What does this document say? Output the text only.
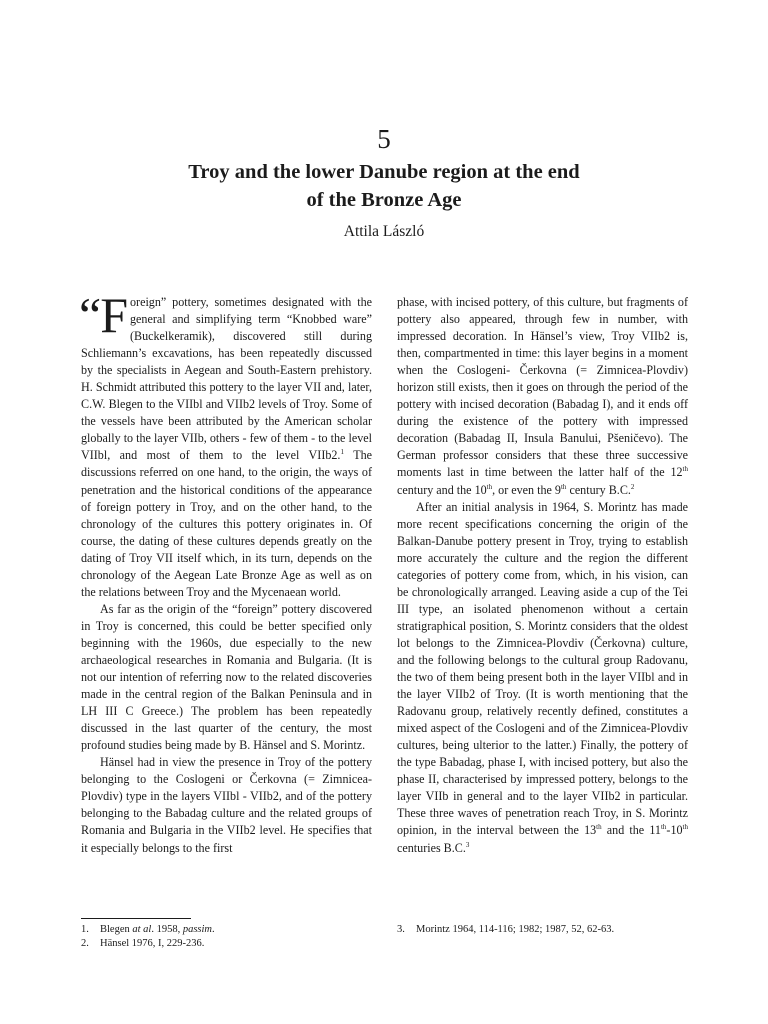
5
Troy and the lower Danube region at the end
of the Bronze Age
Attila László

“Foreign” pottery, sometimes designated with the general and simplifying term “Knobbed ware” (Buckelkeramik), discovered still during Schliemann’s excavations, has been repeatedly discussed by the specialists in Aegean and South-Eastern prehistory. H. Schmidt attributed this pottery to the layer VII and, later, C.W. Blegen to the VIIbl and VIIb2 levels of Troy. Some of the vessels have been attributed by the American scholar globally to the layer VIIb, others - few of them - to the level VIIbl, and most of them to the level VIIb2.$^1$ The discussions referred on one hand, to the origin, the ways of penetration and the historical conditions of the appearance of foreign pottery in Troy, and on the other hand, to the chronology of the cultures this pottery originates in. Of course, the dating of these cultures depends greatly on the dating of Troy VII itself which, in its turn, depends on the chronology of the Aegean Late Bronze Age as well as on the relations between Troy and the Mycenaean world.

As far as the origin of the “foreign” pottery discovered in Troy is concerned, this could be better specified only beginning with the 1960s, due especially to the new archaeological researches in Romania and Bulgaria. (It is not our intention of referring now to the related discoveries made in the central region of the Balkan Peninsula and in LH III C Greece.) The problem has been repeatedly discussed in the last quarter of the century, the most profound studies being made by B. Hänsel and S. Morintz.

Hänsel had in view the presence in Troy of the pottery belonging to the Coslogeni or Čerkovna (= Zimnicea- Plovdiv) type in the layers VIIbl - VIIb2, and of the pottery belonging to the Babadag culture and the related groups of Romania and Bulgaria in the VIIb2 level. He specifies that it especially belongs to the first

phase, with incised pottery, of this culture, but fragments of pottery also appeared, through few in number, with impressed decoration. In Hänsel’s view, Troy VIIb2 is, then, compartmented in time: this layer begins in a moment when the Coslogeni- Čerkovna (= Zimnicea-Plovdiv) horizon still exists, then it goes on through the period of the pottery with incised decoration (Babadag I), and it ends off during the existence of the pottery with impressed decoration (Babadag II, Insula Banului, Pšeničevo). The German professor considers that these three successive moments last in time between the latter half of the 12th century and the 10th, or even the 9th century B.C.$^2$

After an initial analysis in 1964, S. Morintz has made more recent specifications concerning the origin of the Balkan-Danube pottery present in Troy, trying to establish more accurately the culture and the region the different categories of pottery come from, which, in his vision, can be chronologically arranged. Leaving aside a cup of the Tei III type, an isolated phenomenon without a certain stratigraphical position, S. Morintz considers that the oldest lot belongs to the Zimnicea-Plovdiv (Čerkovna) culture, and the following belongs to the cultural group Radovanu, the two of them being present both in the layer VIIbl and in the layer VIIb2 of Troy. (It is worth mentioning that the Radovanu group, relatively recently defined, constitutes a mixed aspect of the Coslogeni and of the Zimnicea-Plovdiv cultures, being ulterior to the latter.) Finally, the pottery of the type Babadag, phase I, with incised pottery, but also the phase II, characterised by impressed pottery, belongs to the layer VIIb in general and to the layer VIIb2 in particular. These three waves of penetration reach Troy, in S. Morintz opinion, in the interval between the 13th and the 11th-10th centuries B.C.$^3$

1.	Blegen at al. 1958, passim.
2.	Hänsel 1976, I, 229-236.
3.	Morintz 1964, 114-116; 1982; 1987, 52, 62-63.
